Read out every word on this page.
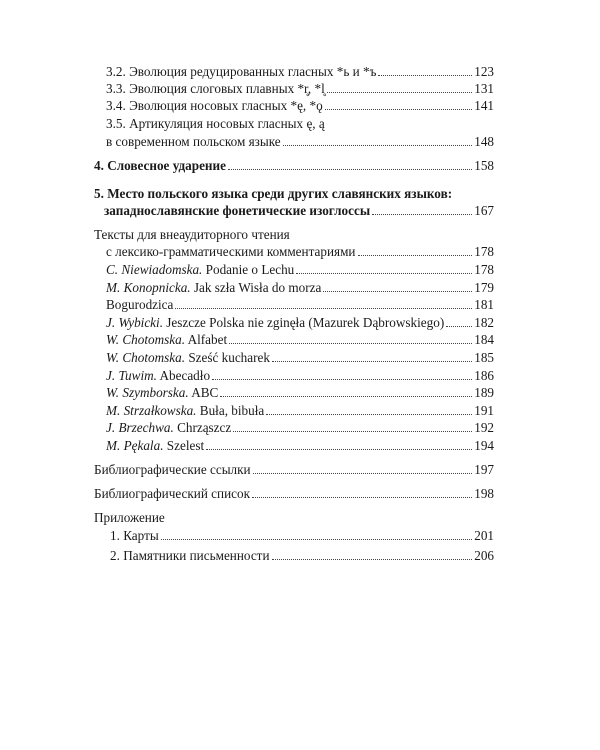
3.2. Эволюция редуцированных гласных *ь и *ъ	123
3.3. Эволюция слоговых плавных *r̥, *l̥	131
3.4. Эволюция носовых гласных *ę, *ǫ	141
3.5. Артикуляция носовых гласных ę, ą
в современном польском языке	148
4. Словесное ударение	158
5. Место польского языка среди других славянских языков:
западнославянские фонетические изоглоссы	167
Тексты для внеаудиторного чтения
с лексико-грамматическими комментариями	178
C. Niewiadomska. Podanie o Lechu	178
M. Konopnicka. Jak szła Wisła do morza	179
Bogurodzica	181
J. Wybicki. Jeszcze Polska nie zginęła (Mazurek Dąbrowskiego) 182
W. Chotomska. Alfabet	184
W. Chotomska. Sześć kucharek	185
J. Tuwim. Abecadło	186
W. Szymborska. ABC	189
M. Strzałkowska. Buła, bibuła	191
J. Brzechwa. Chrząszcz	192
M. Pękala. Szelest	194
Библиографические ссылки	197
Библиографический список	198
Приложение
1. Карты	201
2. Памятники письменности	206
